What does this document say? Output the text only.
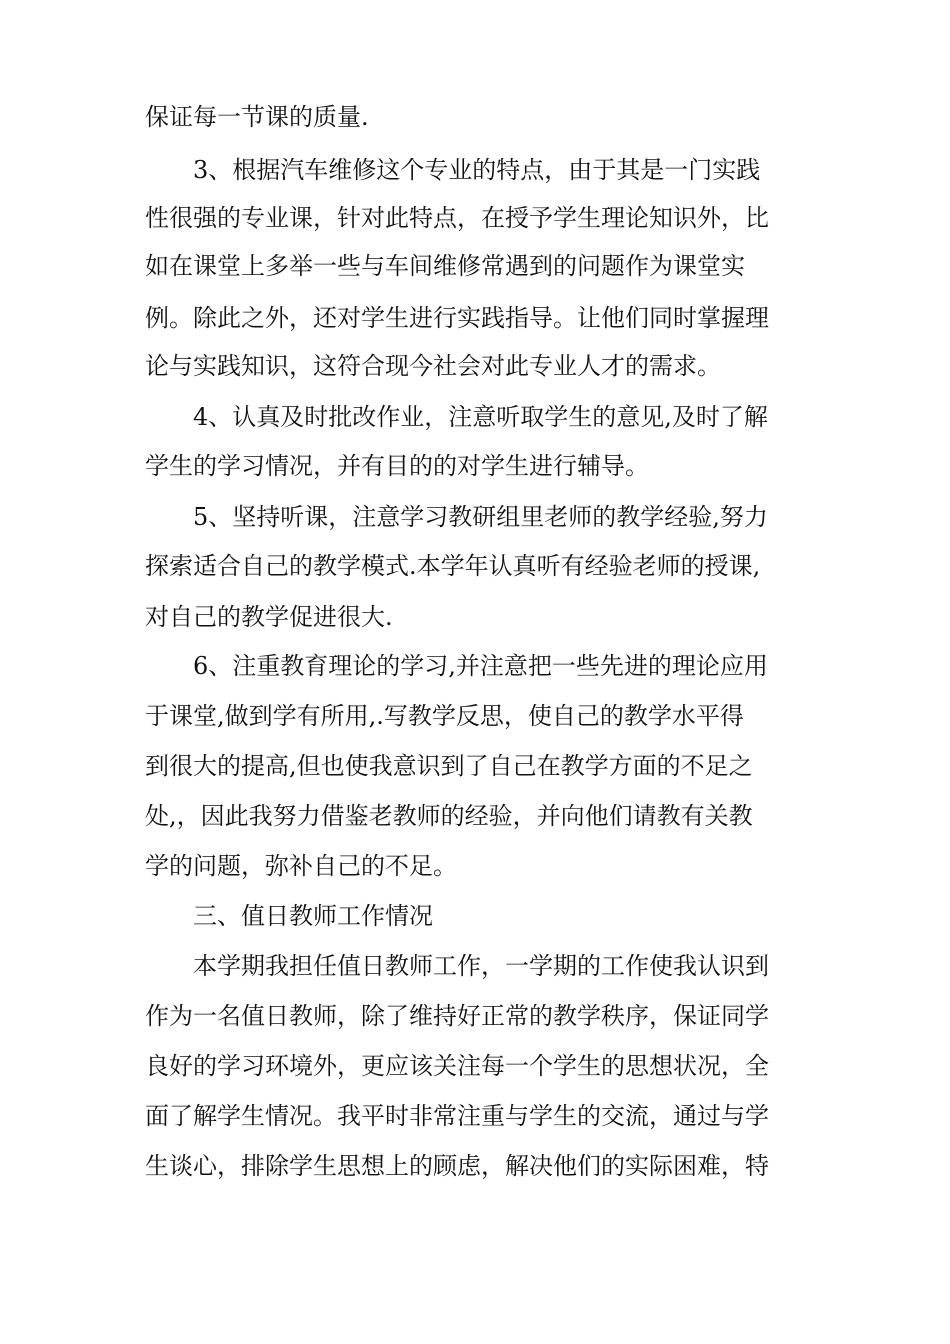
保证每一节课的质量.
3、根据汽车维修这个专业的特点，由于其是一门实践
性很强的专业课，针对此特点，在授予学生理论知识外，比
如在课堂上多举一些与车间维修常遇到的问题作为课堂实
例。除此之外，还对学生进行实践指导。让他们同时掌握理
论与实践知识，这符合现今社会对此专业人才的需求。
4、认真及时批改作业，注意听取学生的意见,及时了解
学生的学习情况，并有目的的对学生进行辅导。
5、坚持听课，注意学习教研组里老师的教学经验,努力
探索适合自己的教学模式.本学年认真听有经验老师的授课,
对自己的教学促进很大.
6、注重教育理论的学习,并注意把一些先进的理论应用
于课堂,做到学有所用,.写教学反思，使自己的教学水平得
到很大的提高,但也使我意识到了自己在教学方面的不足之
处,，因此我努力借鉴老教师的经验，并向他们请教有关教
学的问题，弥补自己的不足。
三、值日教师工作情况
本学期我担任值日教师工作，一学期的工作使我认识到
作为一名值日教师，除了维持好正常的教学秩序，保证同学
良好的学习环境外，更应该关注每一个学生的思想状况，全
面了解学生情况。我平时非常注重与学生的交流，通过与学
生谈心，排除学生思想上的顾虑，解决他们的实际困难，特
